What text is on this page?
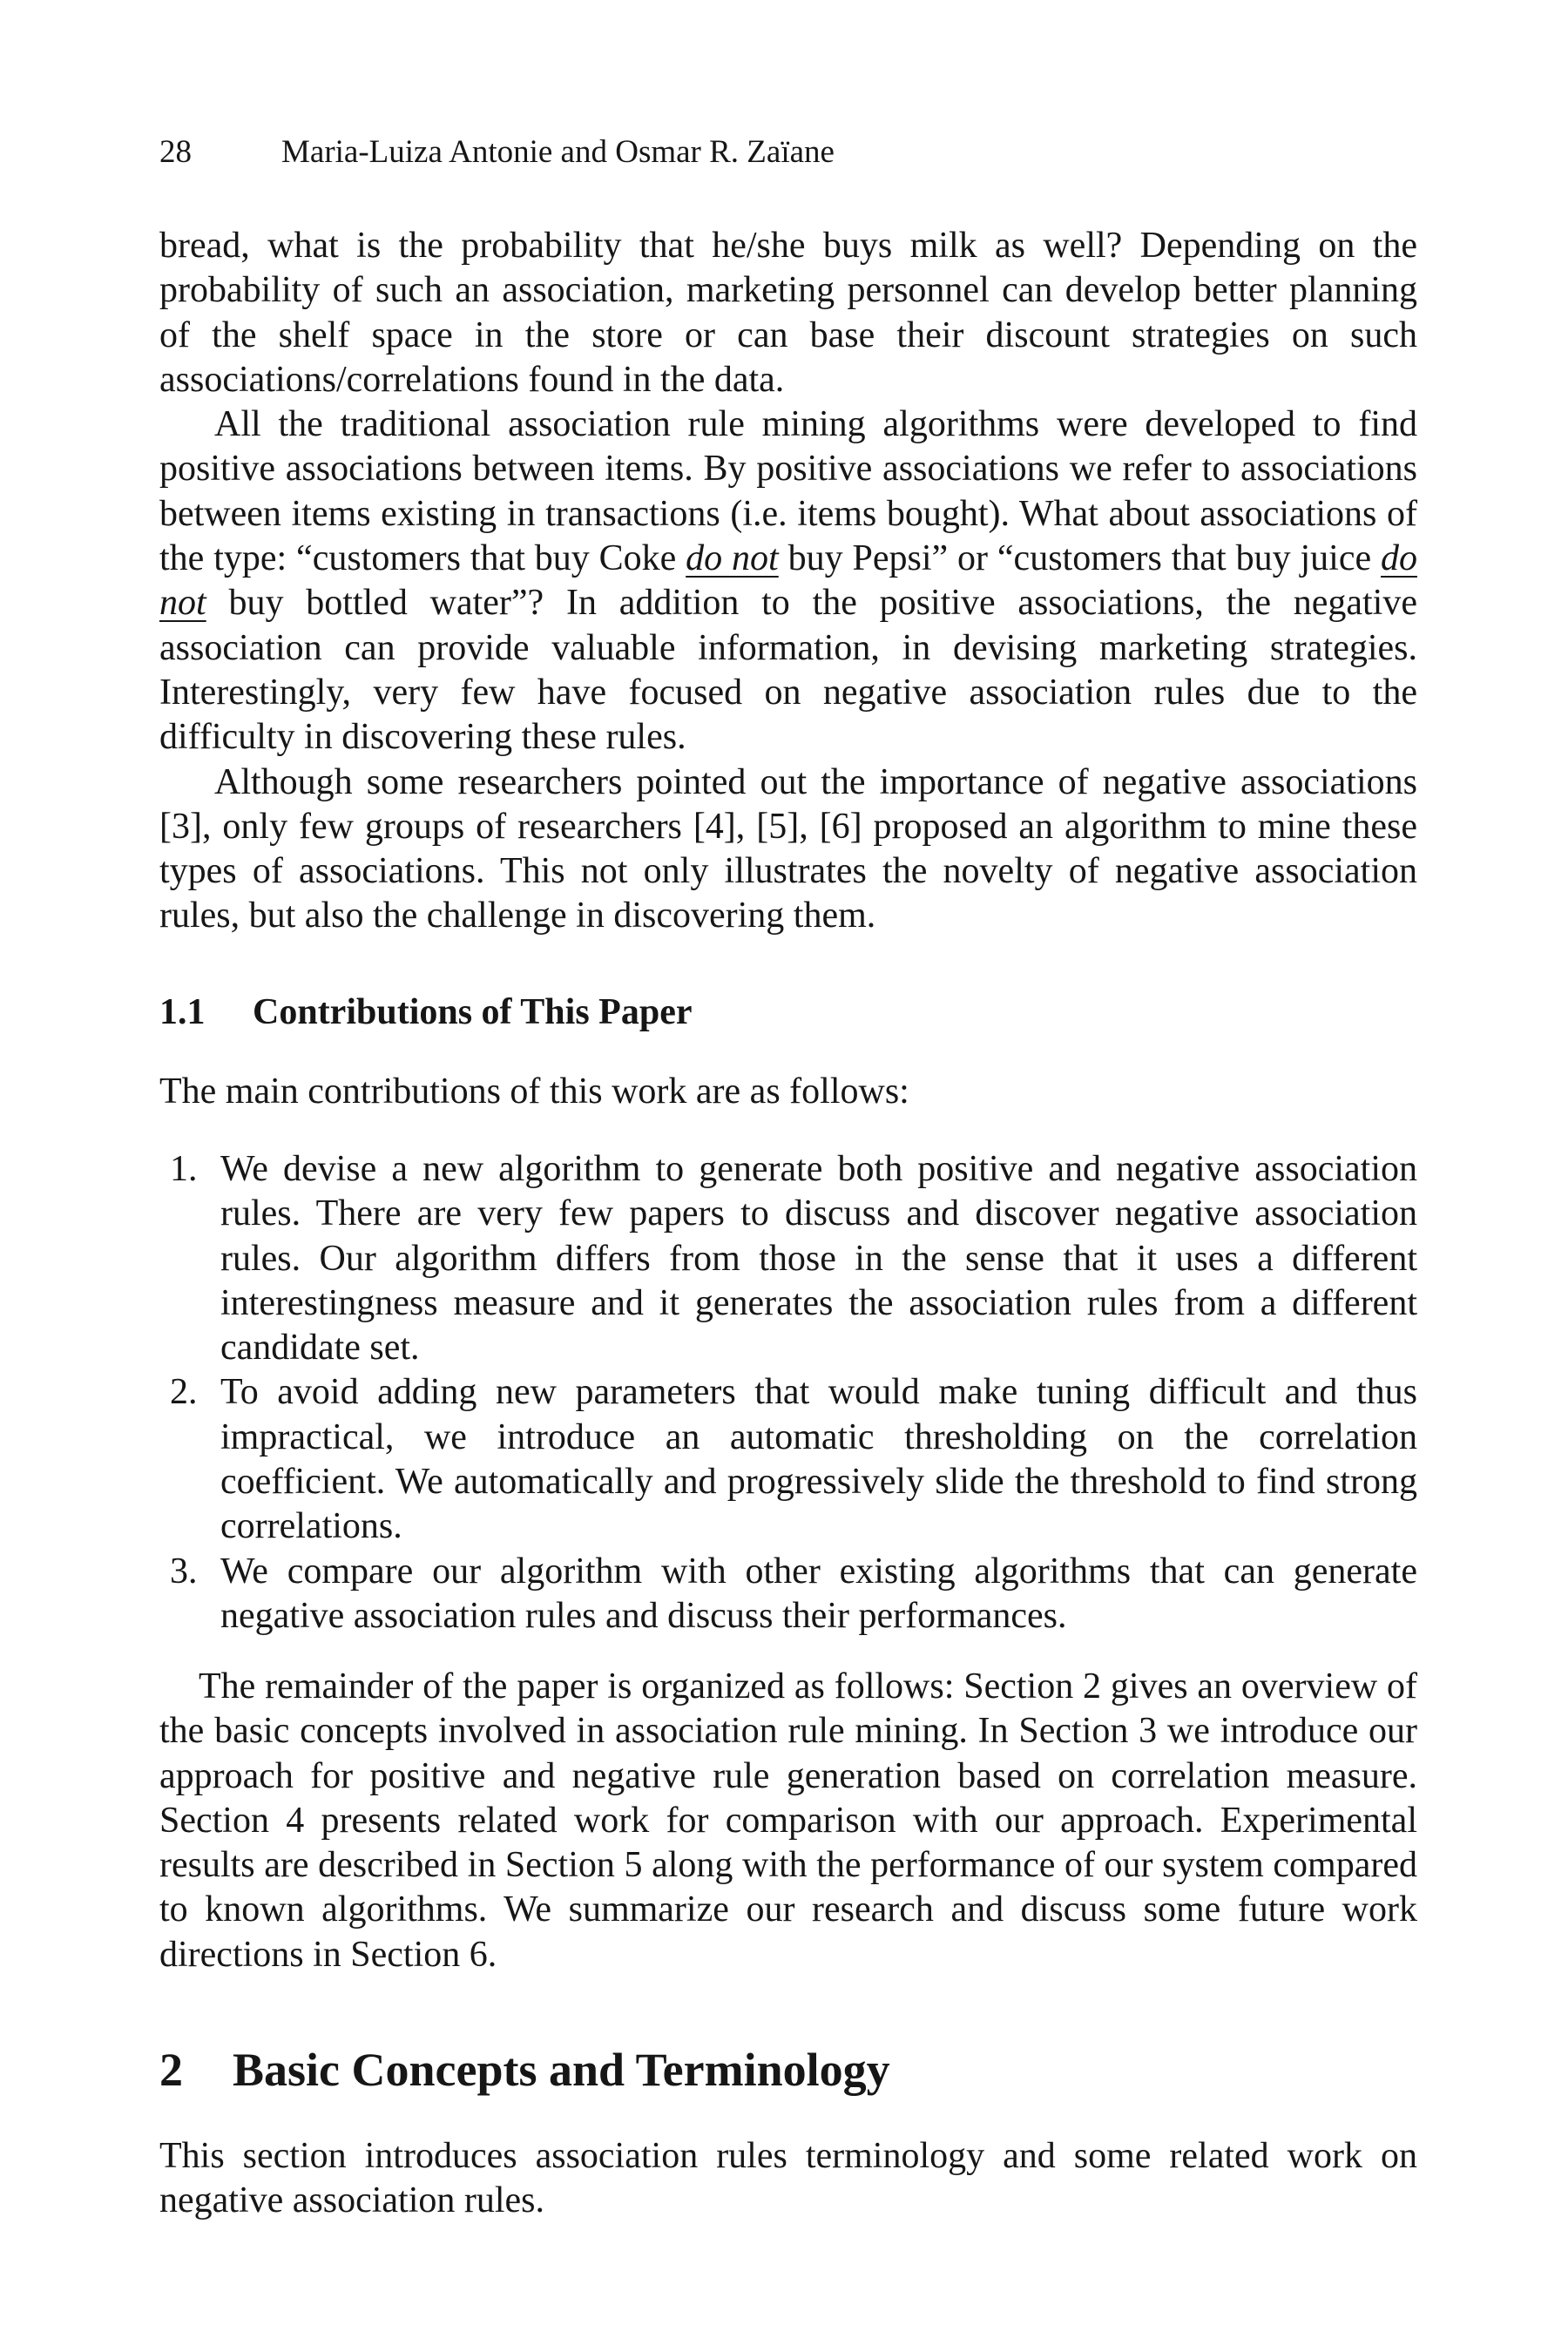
28	Maria-Luiza Antonie and Osmar R. Zaïane

bread, what is the probability that he/she buys milk as well? Depending on the probability of such an association, marketing personnel can develop better planning of the shelf space in the store or can base their discount strategies on such associations/correlations found in the data.

All the traditional association rule mining algorithms were developed to find positive associations between items. By positive associations we refer to associations between items existing in transactions (i.e. items bought). What about associations of the type: “customers that buy Coke do not buy Pepsi” or “customers that buy juice do not buy bottled water”? In addition to the positive associations, the negative association can provide valuable information, in devising marketing strategies. Interestingly, very few have focused on negative association rules due to the difficulty in discovering these rules.

Although some researchers pointed out the importance of negative associations [3], only few groups of researchers [4], [5], [6] proposed an algorithm to mine these types of associations. This not only illustrates the novelty of negative association rules, but also the challenge in discovering them.

1.1 Contributions of This Paper

The main contributions of this work are as follows:

1. We devise a new algorithm to generate both positive and negative association rules. There are very few papers to discuss and discover negative association rules. Our algorithm differs from those in the sense that it uses a different interestingness measure and it generates the association rules from a different candidate set.
2. To avoid adding new parameters that would make tuning difficult and thus impractical, we introduce an automatic thresholding on the correlation coefficient. We automatically and progressively slide the threshold to find strong correlations.
3. We compare our algorithm with other existing algorithms that can generate negative association rules and discuss their performances.

The remainder of the paper is organized as follows: Section 2 gives an overview of the basic concepts involved in association rule mining. In Section 3 we introduce our approach for positive and negative rule generation based on correlation measure. Section 4 presents related work for comparison with our approach. Experimental results are described in Section 5 along with the performance of our system compared to known algorithms. We summarize our research and discuss some future work directions in Section 6.

2 Basic Concepts and Terminology

This section introduces association rules terminology and some related work on negative association rules.
